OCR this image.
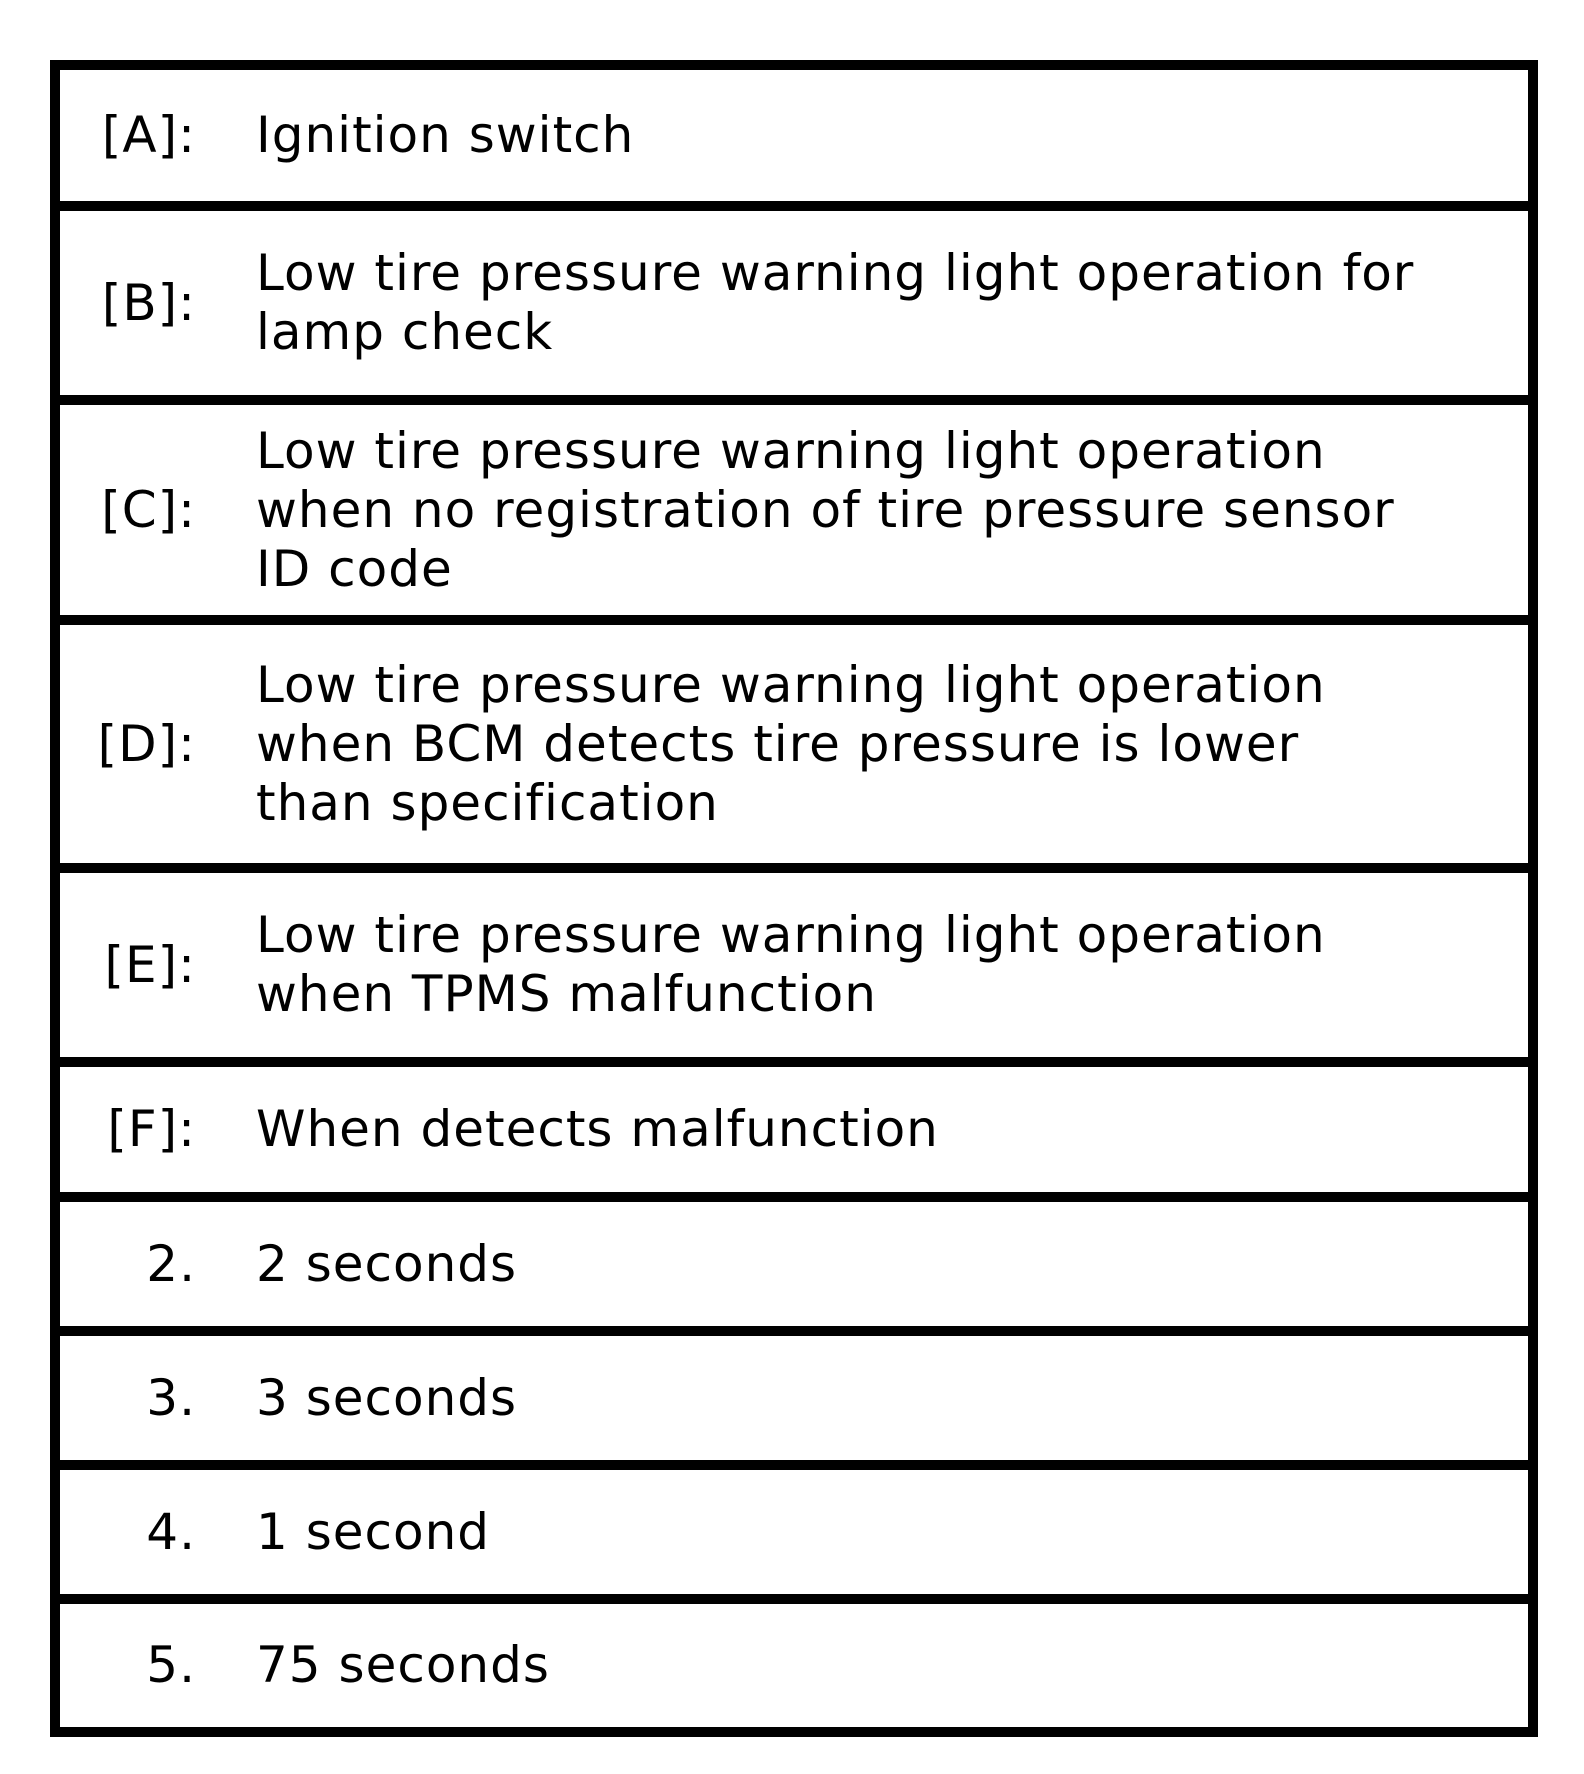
[A]: Ignition switch
[B]:
Low tire pressure warning light operation for lamp check
[C]:
Low tire pressure warning light operation when no registration of tire pressure sensor ID code
[D]:
Low tire pressure warning light operation when BCM detects tire pressure is lower than specification
[E]:
Low tire pressure warning light operation when TPMS malfunction
[F]: When detects malfunction
2. 2 seconds
3. 3 seconds
4. 1 second
5. 75 seconds
